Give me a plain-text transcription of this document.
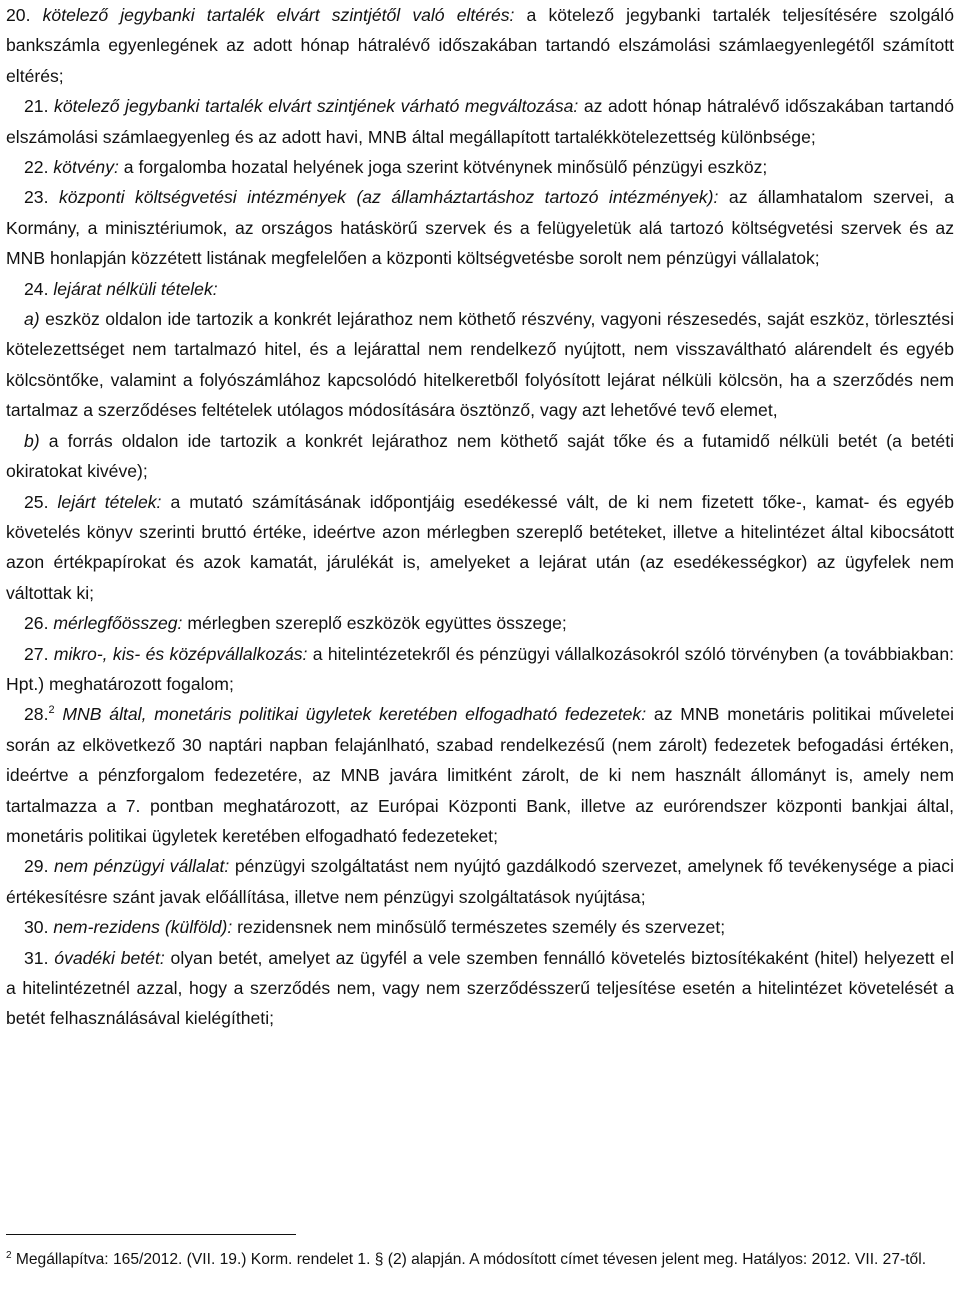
20. kötelező jegybanki tartalék elvárt szintjétől való eltérés: a kötelező jegybanki tartalék teljesítésére szolgáló bankszámla egyenlegének az adott hónap hátralévő időszakában tartandó elszámolási számlaegyenlegétől számított eltérés;

21. kötelező jegybanki tartalék elvárt szintjének várható megváltozása: az adott hónap hátralévő időszakában tartandó elszámolási számlaegyenleg és az adott havi, MNB által megállapított tartalékkötelezettség különbsége;

22. kötvény: a forgalomba hozatal helyének joga szerint kötvénynek minősülő pénzügyi eszköz;

23. központi költségvetési intézmények (az államháztartáshoz tartozó intézmények): az államhatalom szervei, a Kormány, a minisztériumok, az országos hatáskörű szervek és a felügyeletük alá tartozó költségvetési szervek és az MNB honlapján közzétett listának megfelelően a központi költségvetésbe sorolt nem pénzügyi vállalatok;

24. lejárat nélküli tételek:

a) eszköz oldalon ide tartozik a konkrét lejárathoz nem köthető részvény, vagyoni részesedés, saját eszköz, törlesztési kötelezettséget nem tartalmazó hitel, és a lejárattal nem rendelkező nyújtott, nem visszaváltható alárendelt és egyéb kölcsöntőke, valamint a folyószámlához kapcsolódó hitelkeretből folyósított lejárat nélküli kölcsön, ha a szerződés nem tartalmaz a szerződéses feltételek utólagos módosítására ösztönző, vagy azt lehetővé tevő elemet,

b) a forrás oldalon ide tartozik a konkrét lejárathoz nem köthető saját tőke és a futamidő nélküli betét (a betéti okiratokat kivéve);

25. lejárt tételek: a mutató számításának időpontjáig esedékessé vált, de ki nem fizetett tőke-, kamat- és egyéb követelés könyv szerinti bruttó értéke, ideértve azon mérlegben szereplő betéteket, illetve a hitelintézet által kibocsátott azon értékpapírokat és azok kamatát, járulékát is, amelyeket a lejárat után (az esedékességkor) az ügyfelek nem váltottak ki;

26. mérlegfőösszeg: mérlegben szereplő eszközök együttes összege;

27. mikro-, kis- és középvállalkozás: a hitelintézetekről és pénzügyi vállalkozásokról szóló törvényben (a továbbiakban: Hpt.) meghatározott fogalom;

28.$^2$ MNB által, monetáris politikai ügyletek keretében elfogadható fedezetek: az MNB monetáris politikai műveletei során az elkövetkező 30 naptári napban felajánlható, szabad rendelkezésű (nem zárolt) fedezetek befogadási értéken, ideértve a pénzforgalom fedezetére, az MNB javára limitként zárolt, de ki nem használt állományt is, amely nem tartalmazza a 7. pontban meghatározott, az Európai Központi Bank, illetve az eurórendszer központi bankjai által, monetáris politikai ügyletek keretében elfogadható fedezeteket;

29. nem pénzügyi vállalat: pénzügyi szolgáltatást nem nyújtó gazdálkodó szervezet, amelynek fő tevékenysége a piaci értékesítésre szánt javak előállítása, illetve nem pénzügyi szolgáltatások nyújtása;

30. nem-rezidens (külföld): rezidensnek nem minősülő természetes személy és szervezet;

31. óvadéki betét: olyan betét, amelyet az ügyfél a vele szemben fennálló követelés biztosítékaként (hitel) helyezett el a hitelintézetnél azzal, hogy a szerződés nem, vagy nem szerződésszerű teljesítése esetén a hitelintézet követelését a betét felhasználásával kielégítheti;

$^2$ Megállapítva: 165/2012. (VII. 19.) Korm. rendelet 1. § (2) alapján. A módosított címet tévesen jelent meg. Hatályos: 2012. VII. 27-től.
